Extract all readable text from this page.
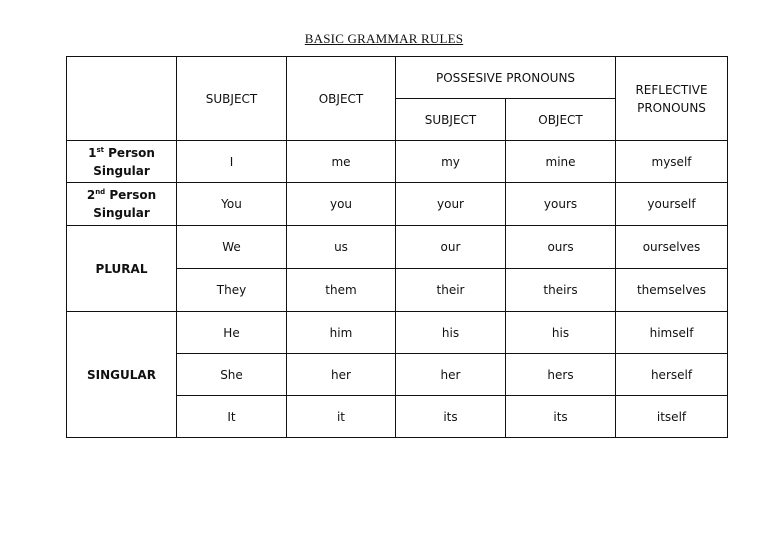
BASIC GRAMMAR RULES
	SUBJECT	OBJECT	POSSESIVE PRONOUNS		REFLECTIVE
PRONOUNS
			SUBJECT	OBJECT	
1st Person
Singular	I	me	my	mine	myself
2nd Person
Singular	You	you	your	yours	yourself
PLURAL	We	us	our	ours	ourselves
	They	them	their	theirs	themselves
SINGULAR	He	him	his	his	himself
	She	her	her	hers	herself
	It	it	its	its	itself
